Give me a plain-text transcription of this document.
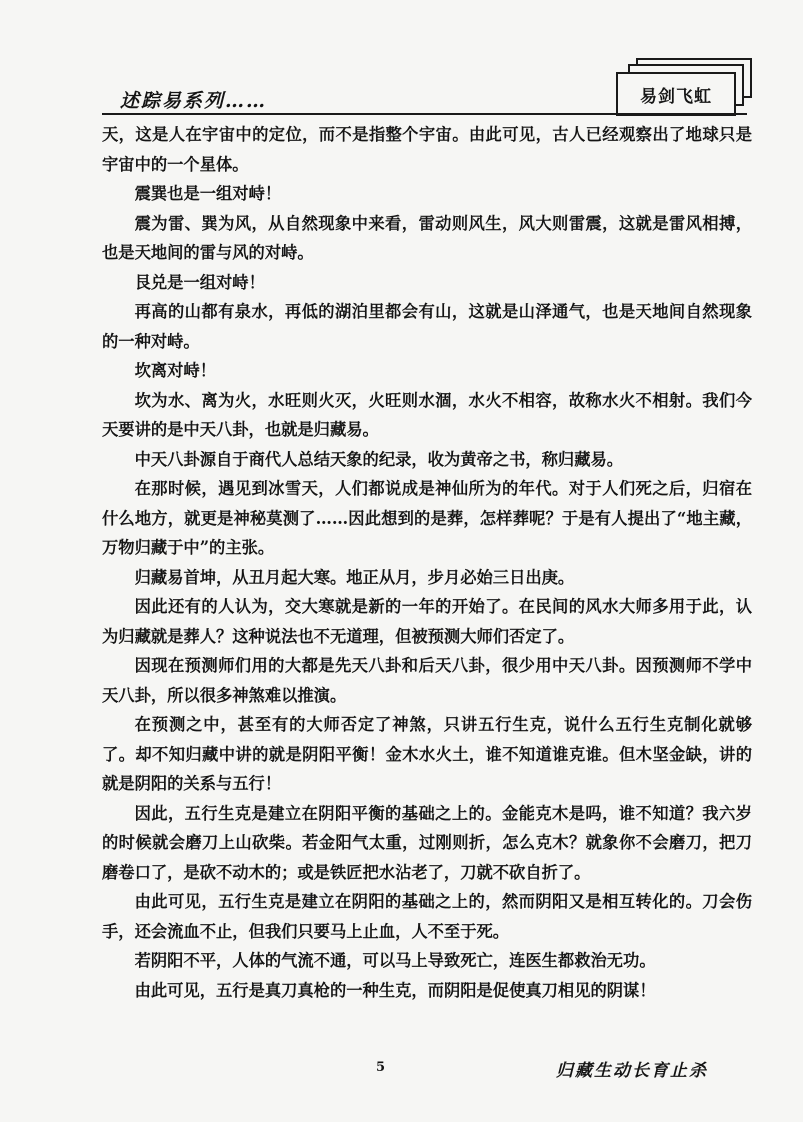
述踪易系列……	易剑飞虹

天，这是人在宇宙中的定位，而不是指整个宇宙。由此可见，古人已经观察出了地球只是宇宙中的一个星体。

震巽也是一组对峙！

震为雷、巽为风，从自然现象中来看，雷动则风生，风大则雷震，这就是雷风相搏，也是天地间的雷与风的对峙。

艮兑是一组对峙！

再高的山都有泉水，再低的湖泊里都会有山，这就是山泽通气，也是天地间自然现象的一种对峙。

坎离对峙！

坎为水、离为火，水旺则火灭，火旺则水涸，水火不相容，故称水火不相射。我们今天要讲的是中天八卦，也就是归藏易。

中天八卦源自于商代人总结天象的纪录，收为黄帝之书，称归藏易。

在那时候，遇见到冰雪天，人们都说成是神仙所为的年代。对于人们死之后，归宿在什么地方，就更是神秘莫测了……因此想到的是葬，怎样葬呢？于是有人提出了“地主藏，万物归藏于中”的主张。

归藏易首坤，从丑月起大寒。地正从月，步月必始三日出庚。

因此还有的人认为，交大寒就是新的一年的开始了。在民间的风水大师多用于此，认为归藏就是葬人？这种说法也不无道理，但被预测大师们否定了。

因现在预测师们用的大都是先天八卦和后天八卦，很少用中天八卦。因预测师不学中天八卦，所以很多神煞难以推演。

在预测之中，甚至有的大师否定了神煞，只讲五行生克，说什么五行生克制化就够了。却不知归藏中讲的就是阴阳平衡！金木水火土，谁不知道谁克谁。但木坚金缺，讲的就是阴阳的关系与五行！

因此，五行生克是建立在阴阳平衡的基础之上的。金能克木是吗，谁不知道？我六岁的时候就会磨刀上山砍柴。若金阳气太重，过刚则折，怎么克木？就象你不会磨刀，把刀磨卷口了，是砍不动木的；或是铁匠把水沾老了，刀就不砍自折了。

由此可见，五行生克是建立在阴阳的基础之上的，然而阴阳又是相互转化的。刀会伤手，还会流血不止，但我们只要马上止血，人不至于死。

若阴阳不平，人体的气流不通，可以马上导致死亡，连医生都救治无功。

由此可见，五行是真刀真枪的一种生克，而阴阳是促使真刀相见的阴谋！

5	归藏生动长育止杀
